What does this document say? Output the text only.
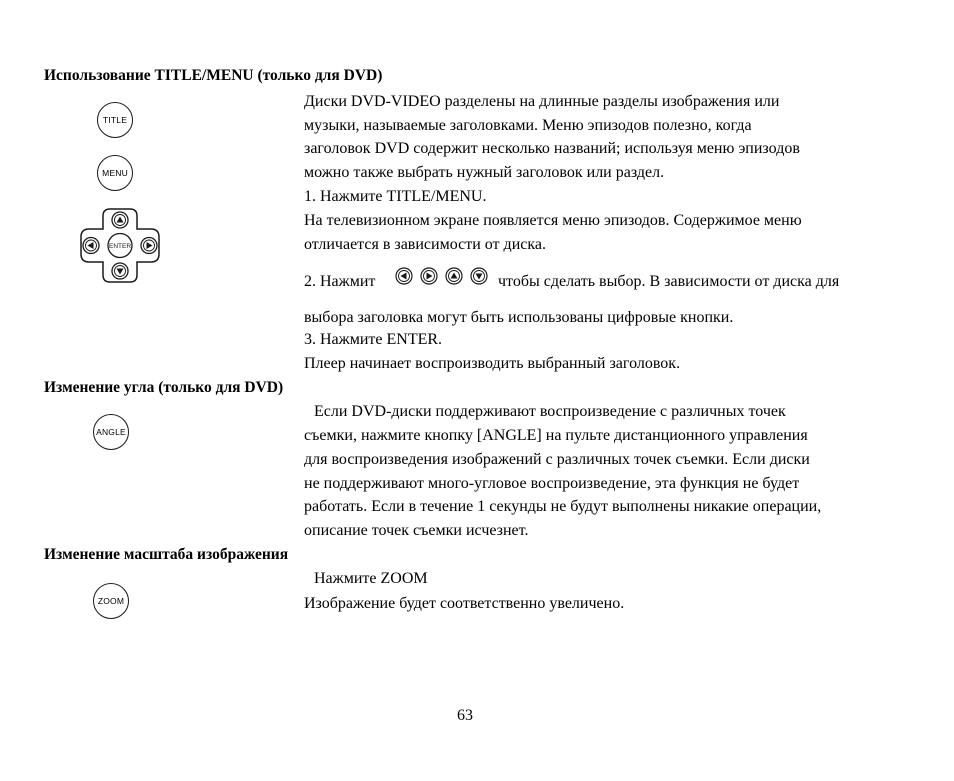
Использование TITLE/MENU (только для DVD)
TITLE
MENU
ENTER
Диски DVD-VIDEO разделены на длинные разделы изображения или
музыки, называемые заголовками. Меню эпизодов полезно, когда
заголовок DVD содержит несколько названий; используя меню эпизодов
можно также выбрать нужный заголовок или раздел.
1. Нажмите TITLE/MENU.
На телевизионном экране появляется меню эпизодов. Содержимое меню
отличается в зависимости от диска.
2. Нажмит	чтобы сделать выбор. В зависимости от диска для
выбора заголовка могут быть использованы цифровые кнопки.
3. Нажмите ENTER.
Плеер начинает воспроизводить выбранный заголовок.
Изменение угла (только для DVD)
ANGLE
Если DVD-диски поддерживают воспроизведение с различных точек
съемки, нажмите кнопку [ANGLE] на пульте дистанционного управления
для воспроизведения изображений с различных точек съемки. Если диски
не поддерживают много-угловое воспроизведение, эта функция не будет
работать. Если в течение 1 секунды не будут выполнены никакие операции,
описание точек съемки исчезнет.
Изменение масштаба изображения
ZOOM
Нажмите ZOOM
Изображение будет соответственно увеличено.
63
